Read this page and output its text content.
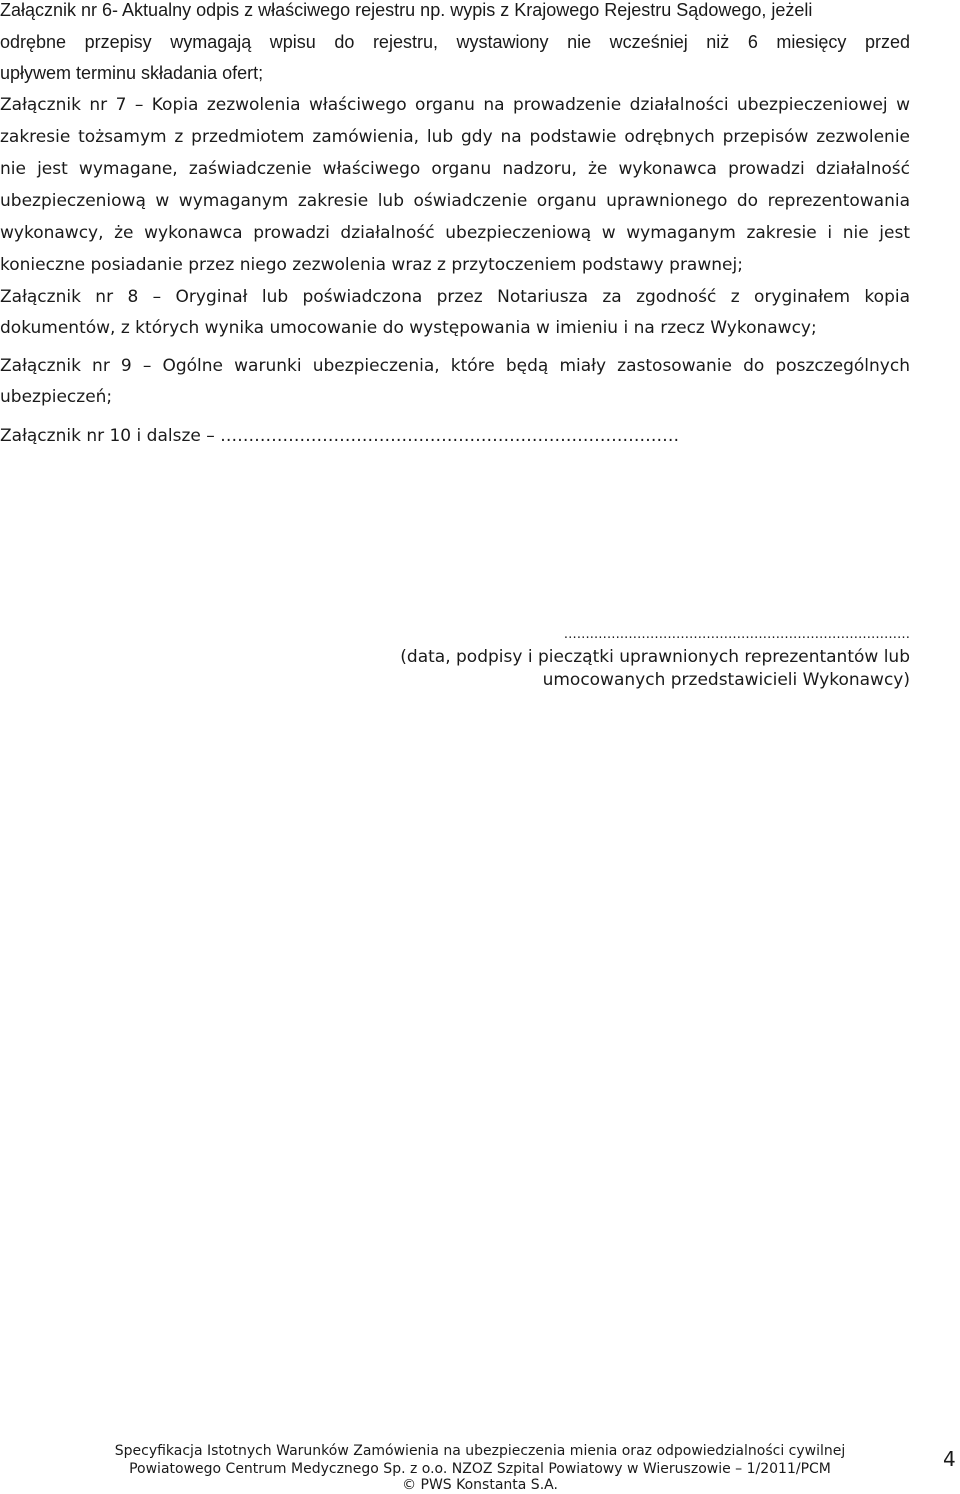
Załącznik nr 6- Aktualny odpis z właściwego rejestru np. wypis z Krajowego Rejestru Sądowego, jeżeli

odrębne przepisy wymagają wpisu do rejestru, wystawiony nie wcześniej niż 6 miesięcy przed

upływem terminu składania ofert;

Załącznik nr 7 – Kopia zezwolenia właściwego organu na prowadzenie działalności ubezpieczeniowej w

zakresie tożsamym z przedmiotem zamówienia, lub gdy na podstawie odrębnych przepisów zezwolenie

nie jest wymagane, zaświadczenie właściwego organu nadzoru, że wykonawca prowadzi działalność

ubezpieczeniową w wymaganym zakresie lub oświadczenie organu uprawnionego do reprezentowania

wykonawcy, że wykonawca prowadzi działalność ubezpieczeniową w wymaganym zakresie i nie jest

konieczne posiadanie przez niego zezwolenia wraz z przytoczeniem podstawy prawnej;

Załącznik nr 8 – Oryginał lub poświadczona przez Notariusza za zgodność z oryginałem kopia

dokumentów, z których wynika umocowanie do występowania w imieniu i na rzecz Wykonawcy;

Załącznik nr 9 – Ogólne warunki ubezpieczenia, które będą miały zastosowanie do poszczególnych

ubezpieczeń;

Załącznik nr 10 i dalsze – ………………………………………………………………………

…….…….…………………………………………………………
(data, podpisy i pieczątki uprawnionych reprezentantów lub
umocowanych przedstawicieli Wykonawcy)
Specyfikacja Istotnych Warunków Zamówienia na ubezpieczenia mienia oraz odpowiedzialności cywilnej
Powiatowego Centrum Medycznego Sp. z o.o. NZOZ Szpital Powiatowy w Wieruszowie – 1/2011/PCM
© PWS Konstanta S.A.
4
